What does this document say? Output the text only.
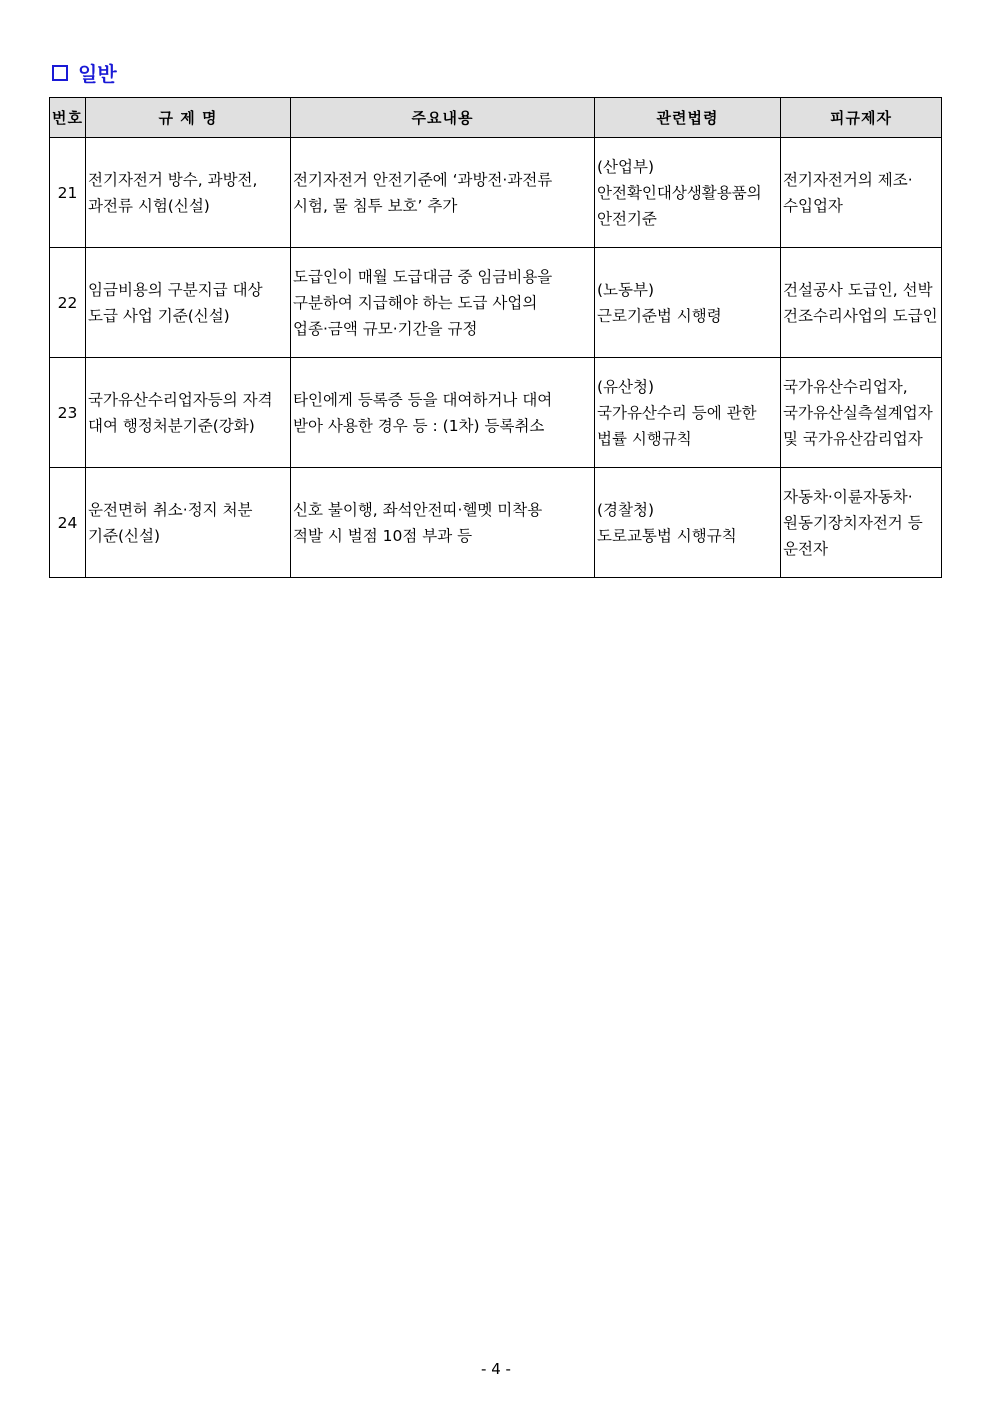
일반
번호	규 제 명	주요내용	관련법령	피규제자
21	전기자전거 방수, 과방전,
과전류 시험(신설)	전기자전거 안전기준에 ‘과방전·과전류
시험, 물 침투 보호’ 추가	(산업부)
안전확인대상생활용품의
안전기준	전기자전거의 제조·
수입업자

22	임금비용의 구분지급 대상
도급 사업 기준(신설)	도급인이 매월 도급대금 중 임금비용을
구분하여 지급해야 하는 도급 사업의
업종·금액 규모·기간을 규정	(노동부)
근로기준법 시행령	건설공사 도급인, 선박
건조수리사업의 도급인

23	국가유산수리업자등의 자격
대여 행정처분기준(강화)	타인에게 등록증 등을 대여하거나 대여
받아 사용한 경우 등 : (1차) 등록취소	(유산청)
국가유산수리 등에 관한
법률 시행규칙	국가유산수리업자,
국가유산실측설계업자
및 국가유산감리업자

24	운전면허 취소·정지 처분
기준(신설)	신호 불이행, 좌석안전띠·헬멧 미착용
적발 시 벌점 10점 부과 등	(경찰청)
도로교통법 시행규칙	자동차·이륜자동차·
원동기장치자전거 등
운전자
- 4 -
